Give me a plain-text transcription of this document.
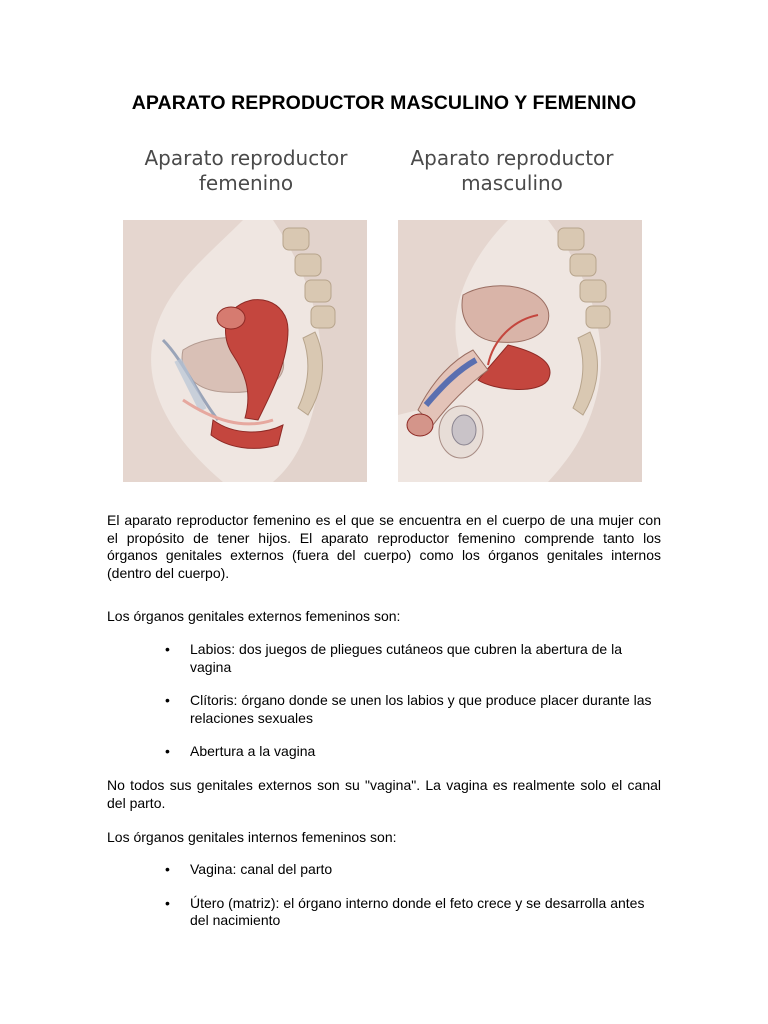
APARATO REPRODUCTOR MASCULINO Y FEMENINO
Aparato reproductor
femenino
Aparato reproductor
masculino

El aparato reproductor femenino es el que se encuentra en el cuerpo de una mujer con el propósito de tener hijos. El aparato reproductor femenino comprende tanto los órganos genitales externos (fuera del cuerpo) como los órganos genitales internos (dentro del cuerpo).

Los órganos genitales externos femeninos son:

• Labios: dos juegos de pliegues cutáneos que cubren la abertura de la vagina

• Clítoris: órgano donde se unen los labios y que produce placer durante las relaciones sexuales

• Abertura a la vagina

No todos sus genitales externos son su "vagina". La vagina es realmente solo el canal del parto.

Los órganos genitales internos femeninos son:

• Vagina: canal del parto

• Útero (matriz): el órgano interno donde el feto crece y se desarrolla antes del nacimiento
